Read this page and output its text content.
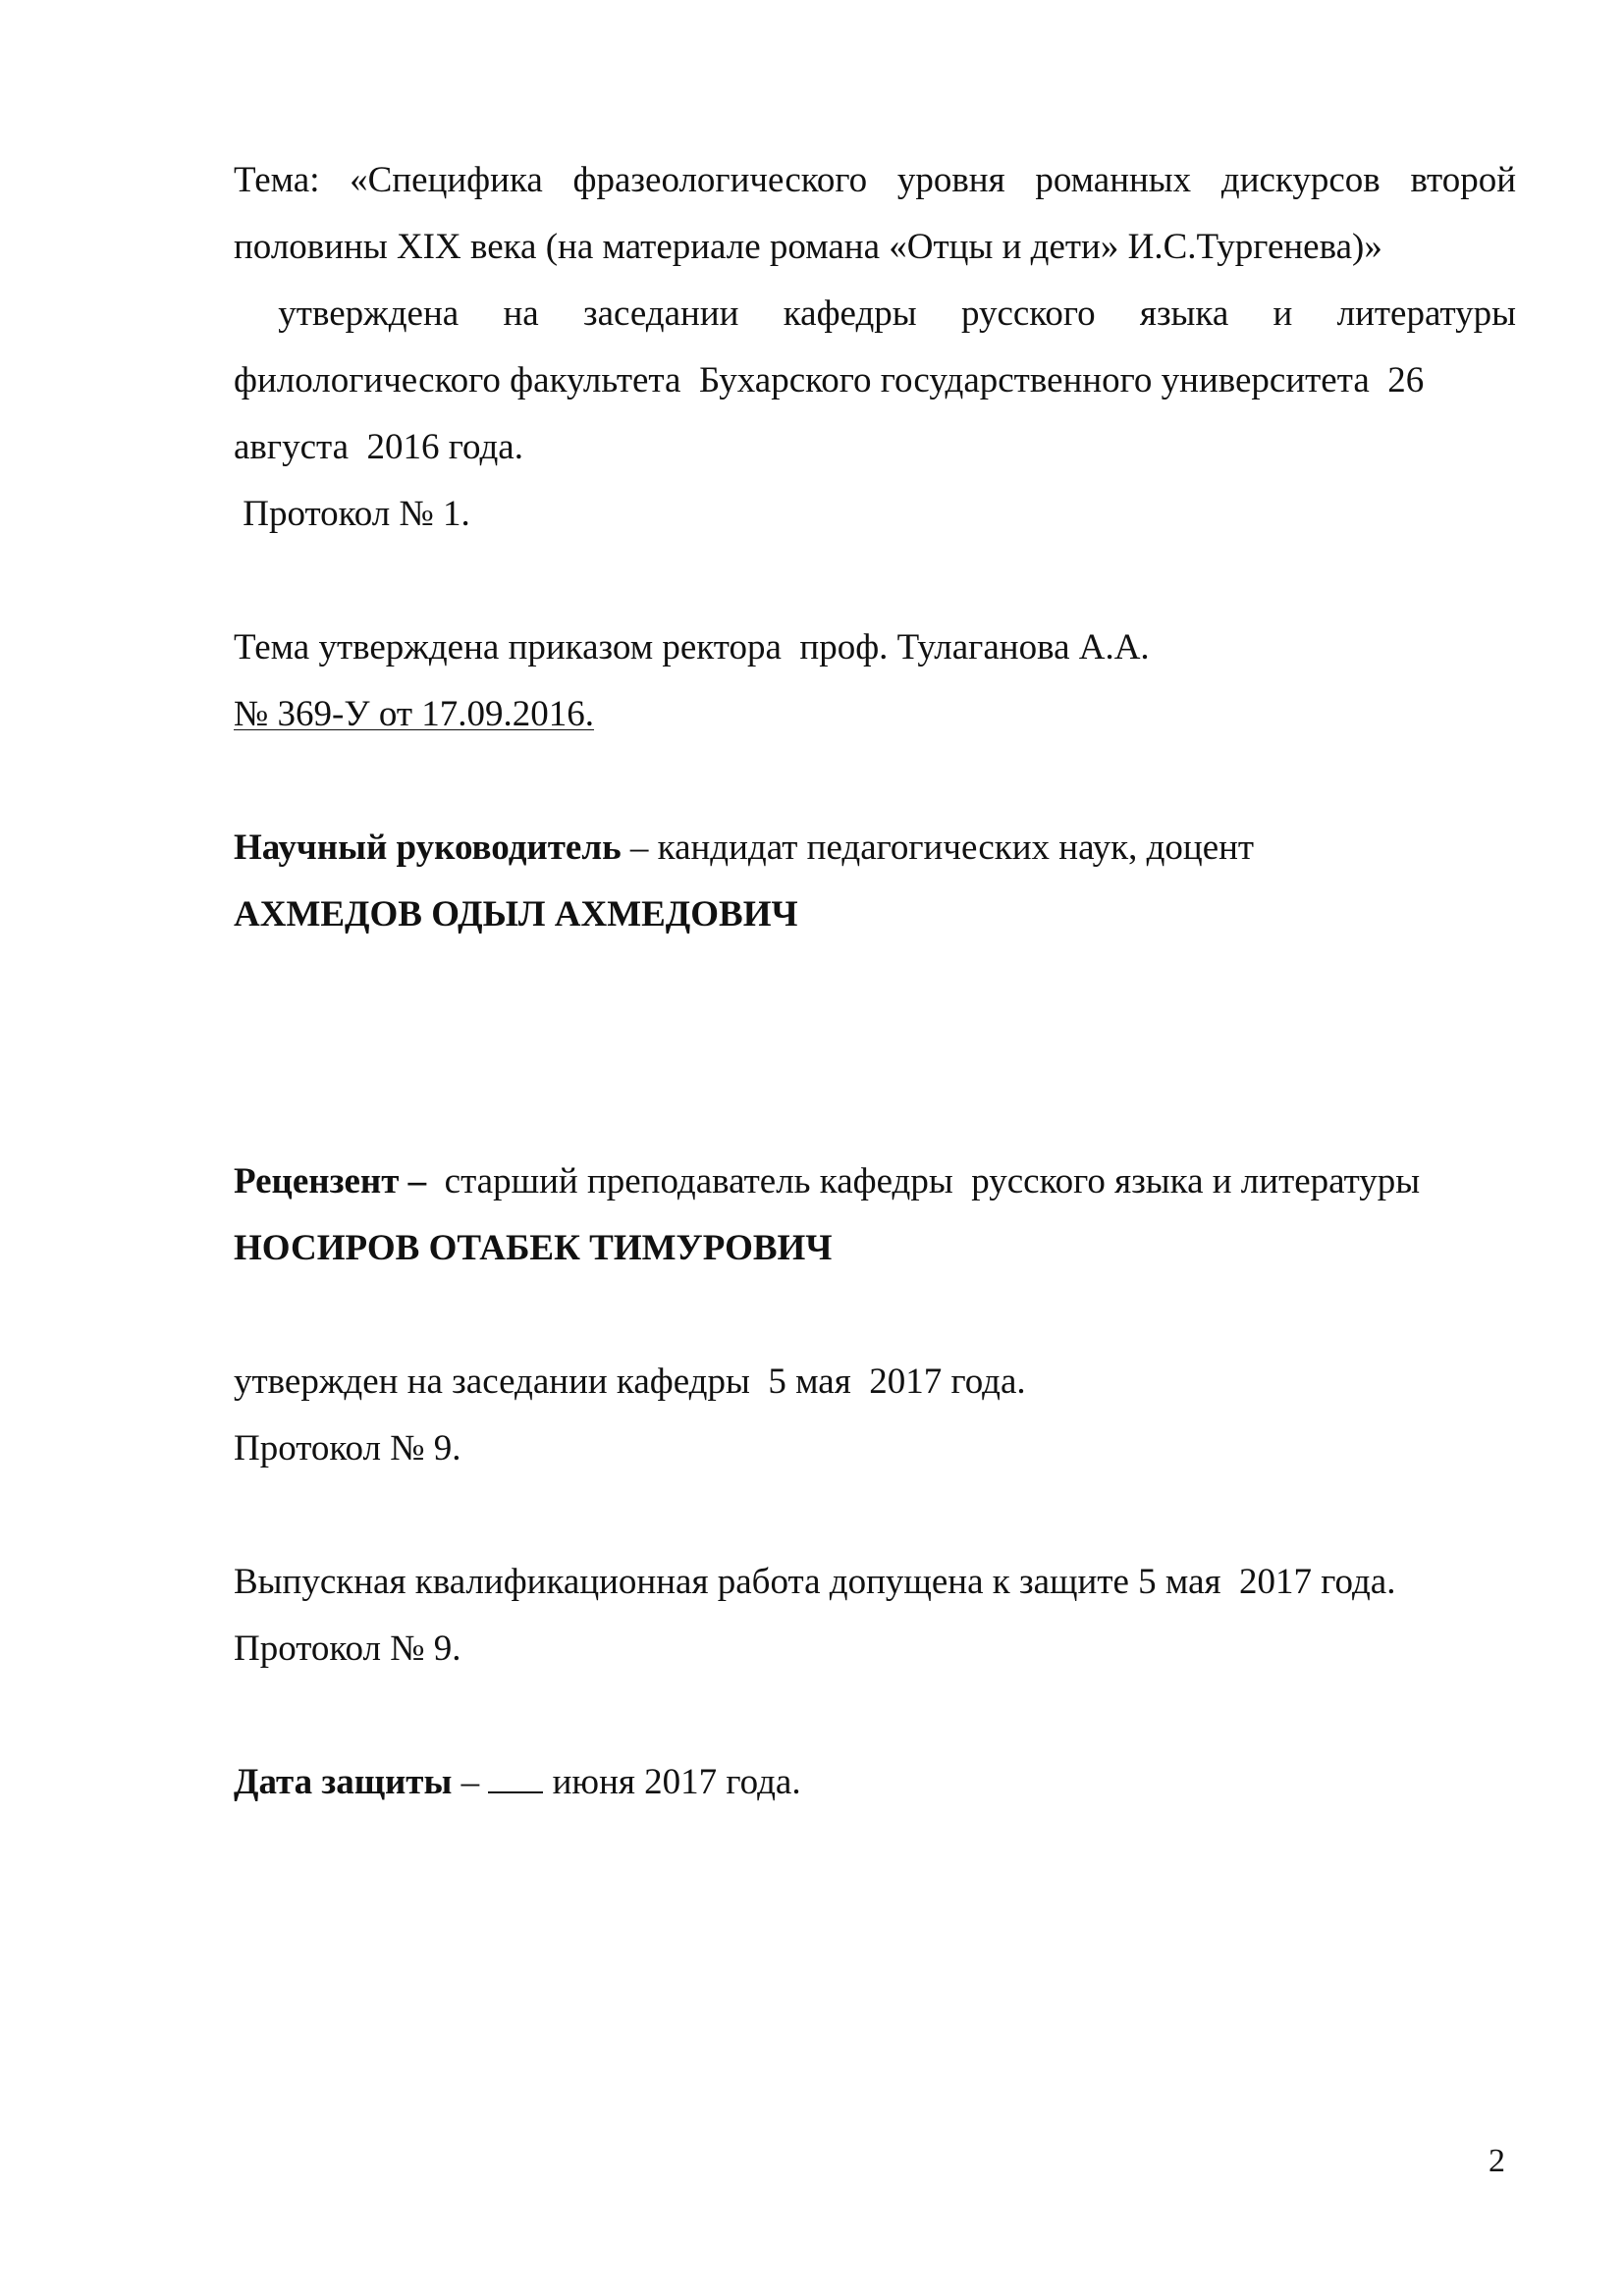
Тема: «Специфика фразеологического уровня романных дискурсов второй

половины XIX века (на материале романа «Отцы и дети» И.С.Тургенева)»

утверждена на заседании кафедры русского языка и литературы

филологического факультета  Бухарского государственного университета  26

августа  2016 года.

Протокол № 1.

Тема утверждена приказом ректора  проф. Тулаганова А.А.

№ 369-У от 17.09.2016.

Научный руководитель – кандидат педагогических наук, доцент

АХМЕДОВ ОДЫЛ АХМЕДОВИЧ

Рецензент –  старший преподаватель кафедры  русского языка и литературы

НОСИРОВ ОТАБЕК ТИМУРОВИЧ

утвержден на заседании кафедры  5 мая  2017 года.

Протокол № 9.

Выпускная квалификационная работа допущена к защите 5 мая  2017 года.

Протокол № 9.

Дата защиты –  июня 2017 года.

2
